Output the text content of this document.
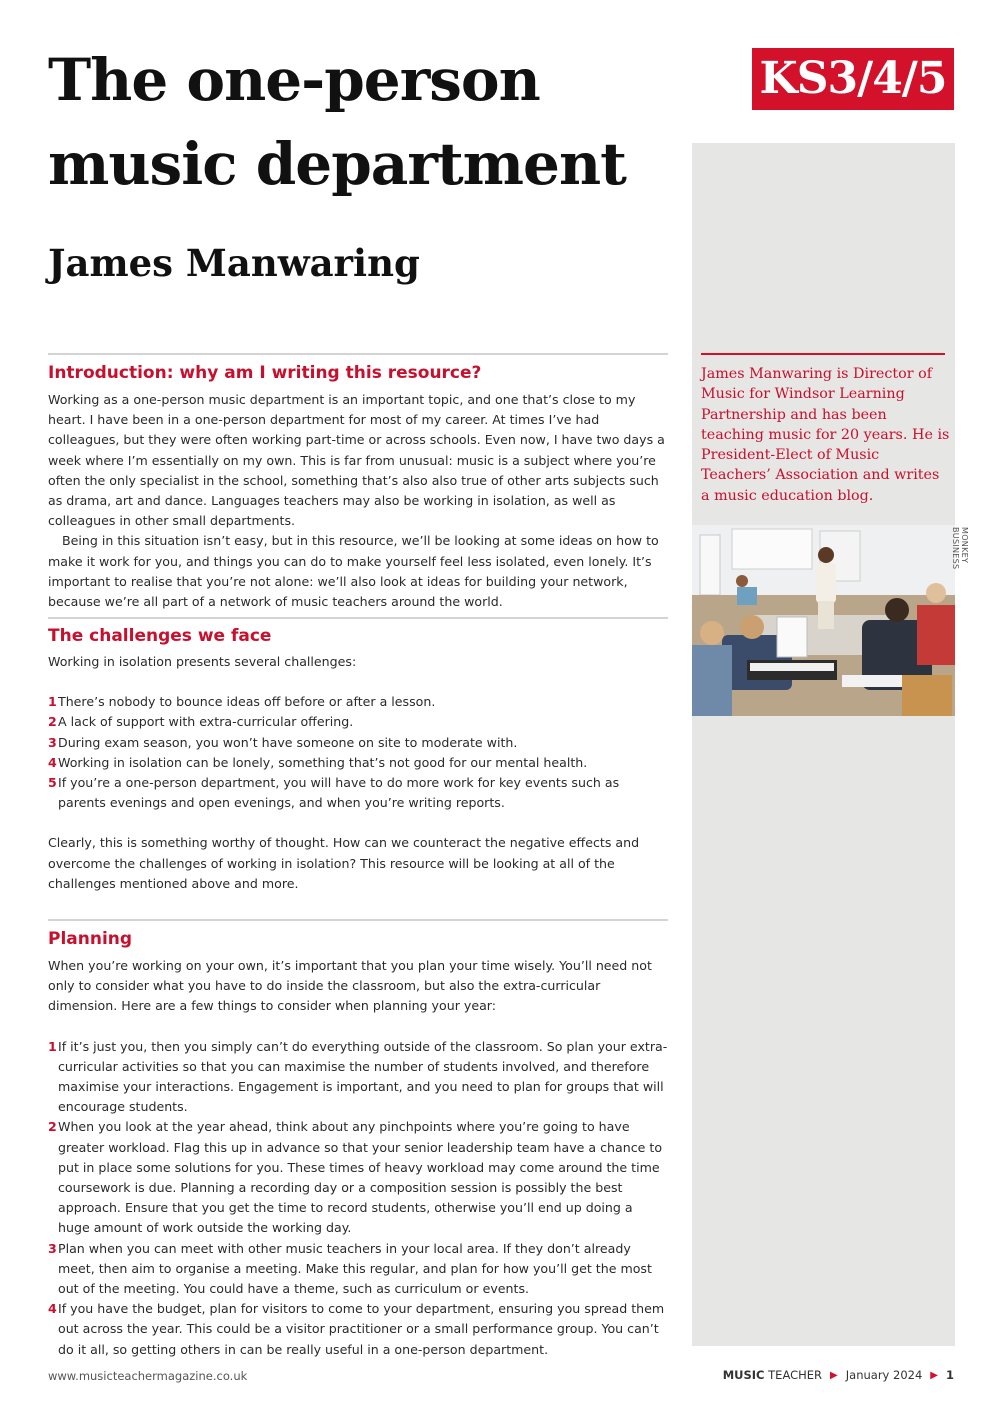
The one-person music department
James Manwaring
KS3/4/5

James Manwaring is Director of Music for Windsor Learning Partnership and has been teaching music for 20 years. He is President-Elect of Music Teachers’ Association and writes a music education blog.

MONKEY BUSINESS
Introduction: why am I writing this resource?

Working as a one-person music department is an important topic, and one that’s close to my heart. I have been in a one-person department for most of my career. At times I’ve had colleagues, but they were often working part-time or across schools. Even now, I have two days a week where I’m essentially on my own. This is far from unusual: music is a subject where you’re often the only specialist in the school, something that’s also also true of other arts subjects such as drama, art and dance. Languages teachers may also be working in isolation, as well as colleagues in other small departments.

Being in this situation isn’t easy, but in this resource, we’ll be looking at some ideas on how to make it work for you, and things you can do to make yourself feel less isolated, even lonely. It’s important to realise that you’re not alone: we’ll also look at ideas for building your network, because we’re all part of a network of music teachers around the world.

The challenges we face

Working in isolation presents several challenges:

1 There’s nobody to bounce ideas off before or after a lesson.
2 A lack of support with extra-curricular offering.
3 During exam season, you won’t have someone on site to moderate with.
4 Working in isolation can be lonely, something that’s not good for our mental health.
5 If you’re a one-person department, you will have to do more work for key events such as parents evenings and open evenings, and when you’re writing reports.

Clearly, this is something worthy of thought. How can we counteract the negative effects and overcome the challenges of working in isolation? This resource will be looking at all of the challenges mentioned above and more.

Planning

When you’re working on your own, it’s important that you plan your time wisely. You’ll need not only to consider what you have to do inside the classroom, but also the extra-curricular dimension. Here are a few things to consider when planning your year:

1 If it’s just you, then you simply can’t do everything outside of the classroom. So plan your extra-curricular activities so that you can maximise the number of students involved, and therefore maximise your interactions. Engagement is important, and you need to plan for groups that will encourage students.
2 When you look at the year ahead, think about any pinchpoints where you’re going to have greater workload. Flag this up in advance so that your senior leadership team have a chance to put in place some solutions for you. These times of heavy workload may come around the time coursework is due. Planning a recording day or a composition session is possibly the best approach. Ensure that you get the time to record students, otherwise you’ll end up doing a huge amount of work outside the working day.
3 Plan when you can meet with other music teachers in your local area. If they don’t already meet, then aim to organise a meeting. Make this regular, and plan for how you’ll get the most out of the meeting. You could have a theme, such as curriculum or events.
4 If you have the budget, plan for visitors to come to your department, ensuring you spread them out across the year. This could be a visitor practitioner or a small performance group. You can’t do it all, so getting others in can be really useful in a one-person department.
www.musicteachermagazine.co.uk	MUSIC TEACHER ▶ January 2024 ▶ 1
